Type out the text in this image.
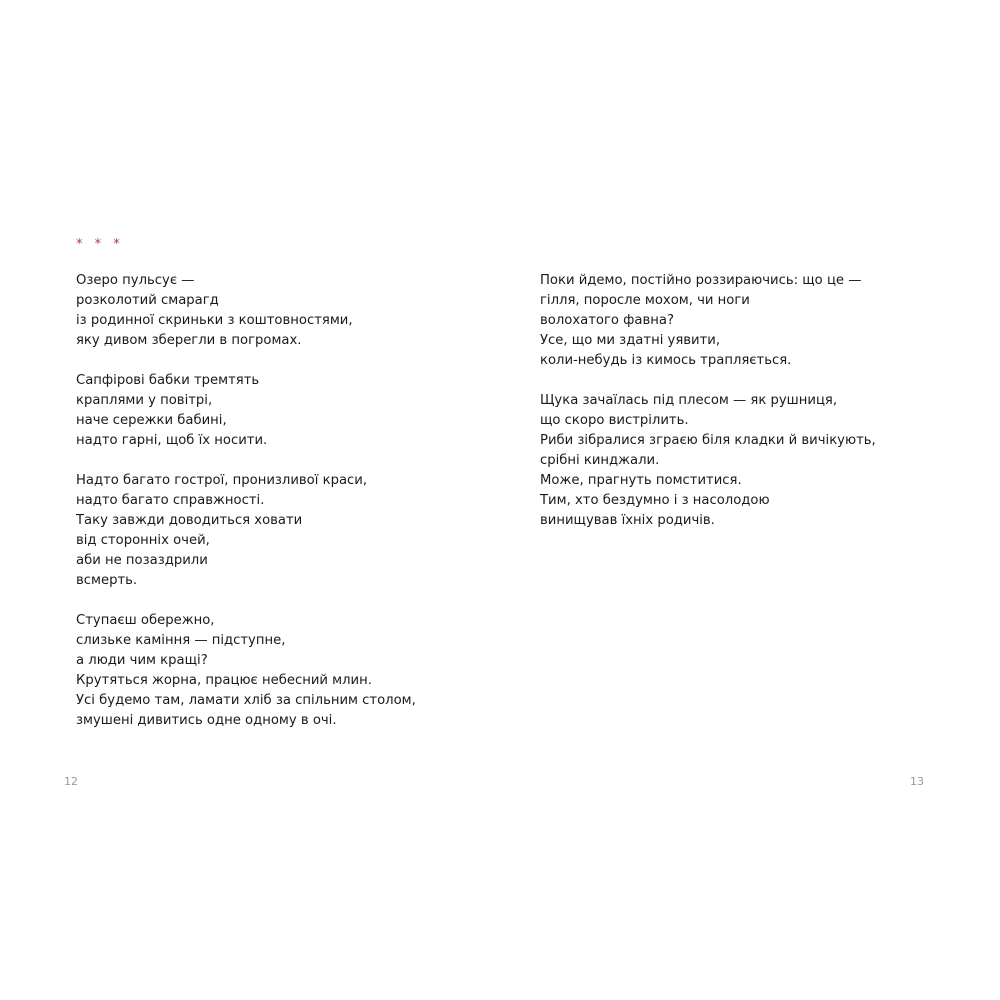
* * *
Озеро пульсує —
розколотий смарагд
із родинної скриньки з коштовностями,
яку дивом зберегли в погромах.
Сапфірові бабки тремтять
краплями у повітрі,
наче сережки бабині,
надто гарні, щоб їх носити.
Надто багато гострої, пронизливої краси,
надто багато справжності.
Таку завжди доводиться ховати
від сторонніх очей,
аби не позаздрили
всмерть.
Ступаєш обережно,
слизьке каміння — підступне,
а люди чим кращі?
Крутяться жорна, працює небесний млин.
Усі будемо там, ламати хліб за спільним столом,
змушені дивитись одне одному в очі.
Поки йдемо, постійно роззираючись: що це —
гілля, поросле мохом, чи ноги
волохатого фавна?
Усе, що ми здатні уявити,
коли-небудь із кимось трапляється.
Щука зачаїлась під плесом — як рушниця,
що скоро вистрілить.
Риби зібралися зграєю біля кладки й вичікують,
срібні кинджали.
Може, прагнуть помститися.
Тим, хто бездумно і з насолодою
винищував їхніх родичів.
12	13
